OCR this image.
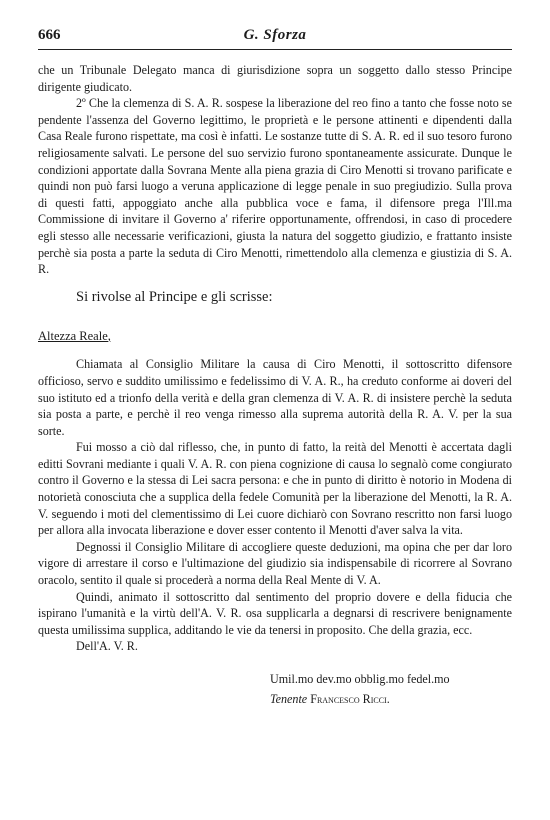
666	G. Sforza

che un Tribunale Delegato manca di giurisdizione sopra un soggetto dallo stesso Principe dirigente giudicato.

2º Che la clemenza di S. A. R. sospese la liberazione del reo fino a tanto che fosse noto se pendente l'assenza del Governo legittimo, le proprietà e le persone attinenti e dipendenti dalla Casa Reale furono rispettate, ma così è infatti. Le sostanze tutte di S. A. R. ed il suo tesoro furono religiosamente salvati. Le persone del suo servizio furono spontaneamente assicurate. Dunque le condizioni apportate dalla Sovrana Mente alla piena grazia di Ciro Menotti si trovano parificate e quindi non può farsi luogo a veruna applicazione di legge penale in suo pregiudizio. Sulla prova di questi fatti, appoggiato anche alla pubblica voce e fama, il difensore prega l'Ill.ma Commissione di invitare il Governo a' riferire opportunamente, offrendosi, in caso di procedere egli stesso alle necessarie verificazioni, giusta la natura del soggetto giudizio, e frattanto insiste perchè sia posta a parte la seduta di Ciro Menotti, rimettendolo alla clemenza e giustizia di S. A. R.

Si rivolse al Principe e gli scrisse:

Altezza Reale,

Chiamata al Consiglio Militare la causa di Ciro Menotti, il sottoscritto difensore officioso, servo e suddito umilissimo e fedelissimo di V. A. R., ha creduto conforme ai doveri del suo istituto ed a trionfo della verità e della gran clemenza di V. A. R. di insistere perchè la seduta sia posta a parte, e perchè il reo venga rimesso alla suprema autorità della R. A. V. per la sua sorte.

Fui mosso a ciò dal riflesso, che, in punto di fatto, la reità del Menotti è accertata dagli editti Sovrani mediante i quali V. A. R. con piena cognizione di causa lo segnalò come congiurato contro il Governo e la stessa di Lei sacra persona: e che in punto di diritto è notorio in Modena di notorietà conosciuta che a supplica della fedele Comunità per la liberazione del Menotti, la R. A. V. seguendo i moti del clementissimo di Lei cuore dichiarò con Sovrano rescritto non farsi luogo per allora alla invocata liberazione e dover esser contento il Menotti d'aver salva la vita.

Degnossi il Consiglio Militare di accogliere queste deduzioni, ma opina che per dar loro vigore di arrestare il corso e l'ultimazione del giudizio sia indispensabile di ricorrere al Sovrano oracolo, sentito il quale si procederà a norma della Real Mente di V. A.

Quindi, animato il sottoscritto dal sentimento del proprio dovere e della fiducia che ispirano l'umanità e la virtù dell'A. V. R. osa supplicarla a degnarsi di rescrivere benignamente questa umilissima supplica, additando le vie da tenersi in proposito. Che della grazia, ecc.

Dell'A. V. R.

Umil.mo dev.mo obblig.mo fedel.mo
Tenente Francesco Ricci.
